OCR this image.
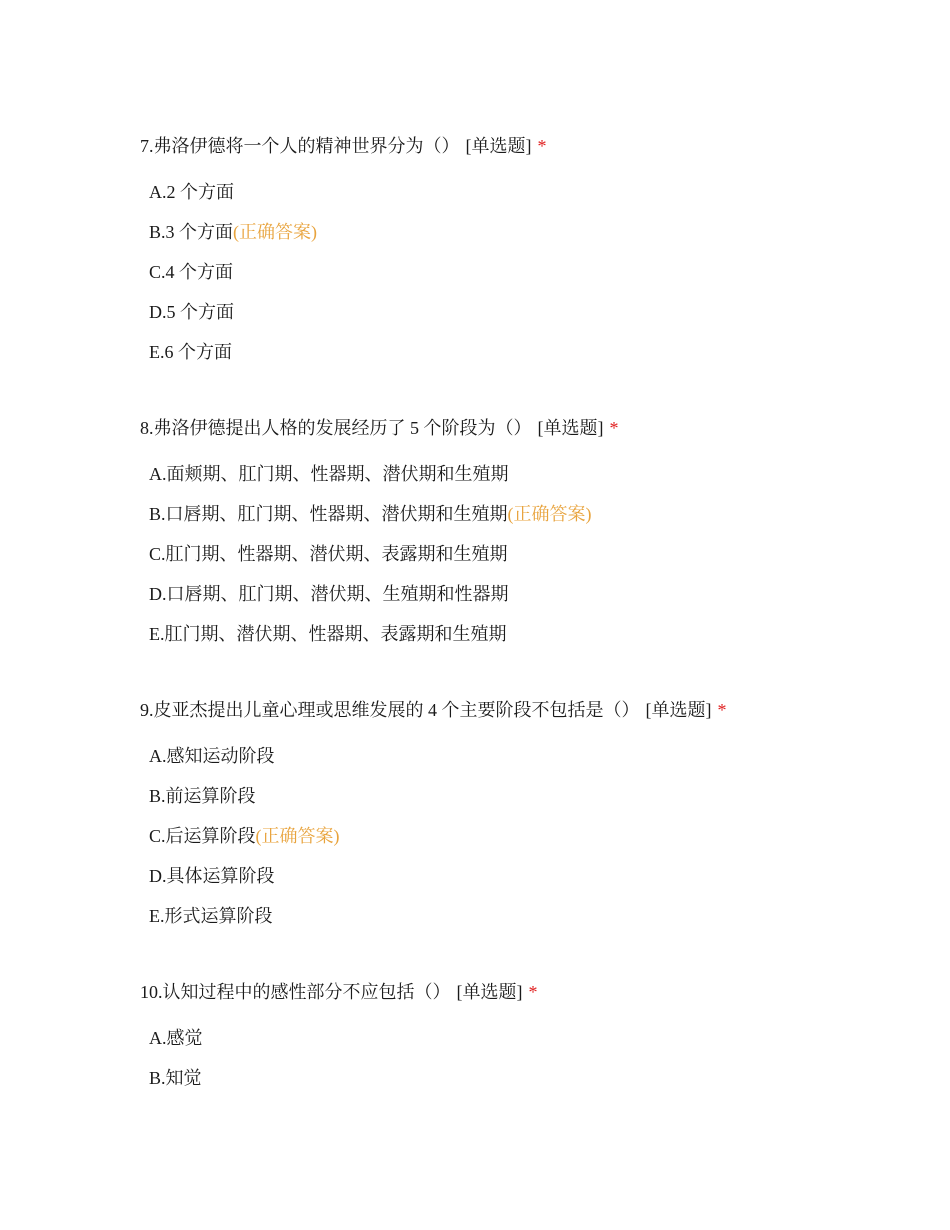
7.弗洛伊德将一个人的精神世界分为（） [单选题] *
A.2 个方面
B.3 个方面(正确答案)
C.4 个方面
D.5 个方面
E.6 个方面
8.弗洛伊德提出人格的发展经历了 5 个阶段为（） [单选题] *
A.面颊期、肛门期、性器期、潜伏期和生殖期
B.口唇期、肛门期、性器期、潜伏期和生殖期(正确答案)
C.肛门期、性器期、潜伏期、表露期和生殖期
D.口唇期、肛门期、潜伏期、生殖期和性器期
E.肛门期、潜伏期、性器期、表露期和生殖期
9.皮亚杰提出儿童心理或思维发展的 4 个主要阶段不包括是（） [单选题] *
A.感知运动阶段
B.前运算阶段
C.后运算阶段(正确答案)
D.具体运算阶段
E.形式运算阶段
10.认知过程中的感性部分不应包括（） [单选题] *
A.感觉
B.知觉
